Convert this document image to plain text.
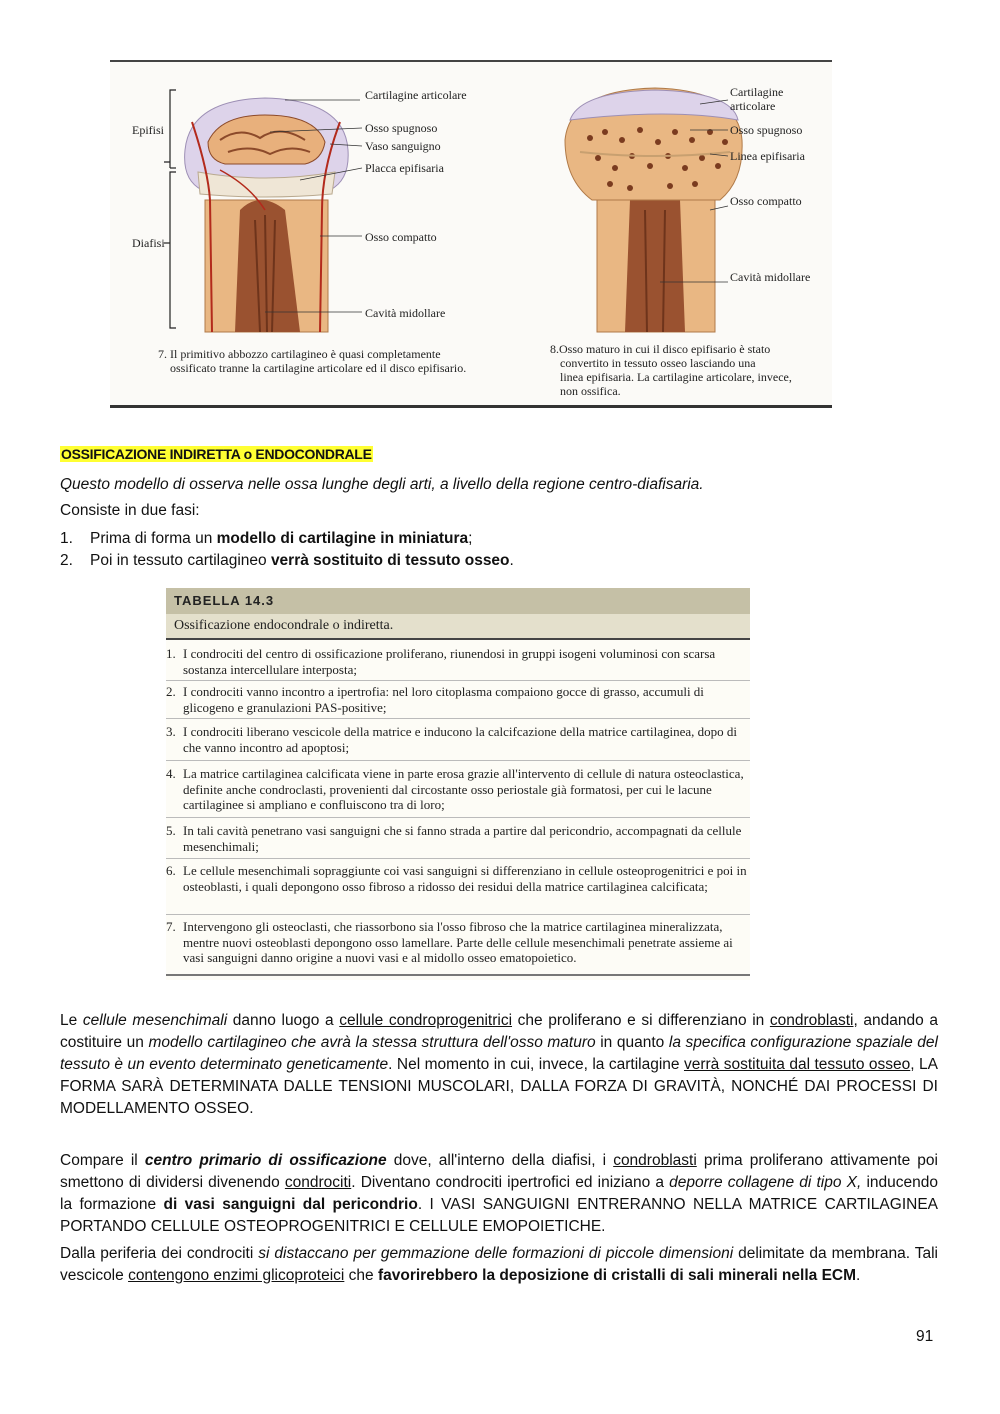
Epifisi
Diafisi
Cartilagine articolare
Osso spugnoso
Vaso sanguigno
Placca epifisaria
Osso compatto
Cavità midollare
Cartilagine
articolare
Osso spugnoso
Linea epifisaria
Osso compatto
Cavità midollare
7. Il primitivo abbozzo cartilagineo è quasi completamente
ossificato tranne la cartilagine articolare ed il disco epifisario.
8.Osso maturo in cui il disco epifisario è stato
convertito in tessuto osseo lasciando una
linea epifisaria. La cartilagine articolare, invece,
non ossifica.
OSSIFICAZIONE INDIRETTA o ENDOCONDRALE
Questo modello di osserva nelle ossa lunghe degli arti, a livello della regione centro-diafisaria.
Consiste in due fasi:
1. Prima di forma un modello di cartilagine in miniatura;
2. Poi in tessuto cartilagineo verrà sostituito di tessuto osseo.
TABELLA 14.3
Ossificazione endocondrale o indiretta.
1. I condrociti del centro di ossificazione proliferano, riunendosi in gruppi isogeni voluminosi con scarsa sostanza intercellulare interposta;
2. I condrociti vanno incontro a ipertrofia: nel loro citoplasma compaiono gocce di grasso, accumuli di glicogeno e granulazioni PAS-positive;
3. I condrociti liberano vescicole della matrice e inducono la calcifcazione della matrice cartilaginea, dopo di che vanno incontro ad apoptosi;
4. La matrice cartilaginea calcificata viene in parte erosa grazie all'intervento di cellule di natura osteoclastica, definite anche condroclasti, provenienti dal circostante osso periostale già formatosi, per cui le lacune cartilaginee si ampliano e confluiscono tra di loro;
5. In tali cavità penetrano vasi sanguigni che si fanno strada a partire dal pericondrio, accompagnati da cellule mesenchimali;
6. Le cellule mesenchimali sopraggiunte coi vasi sanguigni si differenziano in cellule osteoprogenitrici e poi in osteoblasti, i quali depongono osso fibroso a ridosso dei residui della matrice cartilaginea calcificata;
7. Intervengono gli osteoclasti, che riassorbono sia l'osso fibroso che la matrice cartilaginea mineralizzata, mentre nuovi osteoblasti depongono osso lamellare. Parte delle cellule mesenchimali penetrate assieme ai vasi sanguigni danno origine a nuovi vasi e al midollo osseo ematopoietico.
Le cellule mesenchimali danno luogo a cellule condroprogenitrici che proliferano e si differenziano in condroblasti, andando a costituire un modello cartilagineo che avrà la stessa struttura dell'osso maturo in quanto la specifica configurazione spaziale del tessuto è un evento determinato geneticamente. Nel momento in cui, invece, la cartilagine verrà sostituita dal tessuto osseo, LA FORMA SARÀ DETERMINATA DALLE TENSIONI MUSCOLARI, DALLA FORZA DI GRAVITÀ, NONCHÉ DAI PROCESSI DI MODELLAMENTO OSSEO.
Compare il centro primario di ossificazione dove, all'interno della diafisi, i condroblasti prima proliferano attivamente poi smettono di dividersi divenendo condrociti. Diventano condrociti ipertrofici ed iniziano a deporre collagene di tipo X, inducendo la formazione di vasi sanguigni dal pericondrio. I VASI SANGUIGNI ENTRERANNO NELLA MATRICE CARTILAGINEA PORTANDO CELLULE OSTEOPROGENITRICI E CELLULE EMOPOIETICHE.
Dalla periferia dei condrociti si distaccano per gemmazione delle formazioni di piccole dimensioni delimitate da membrana. Tali vescicole contengono enzimi glicoproteici che favorirebbero la deposizione di cristalli di sali minerali nella ECM.
91
